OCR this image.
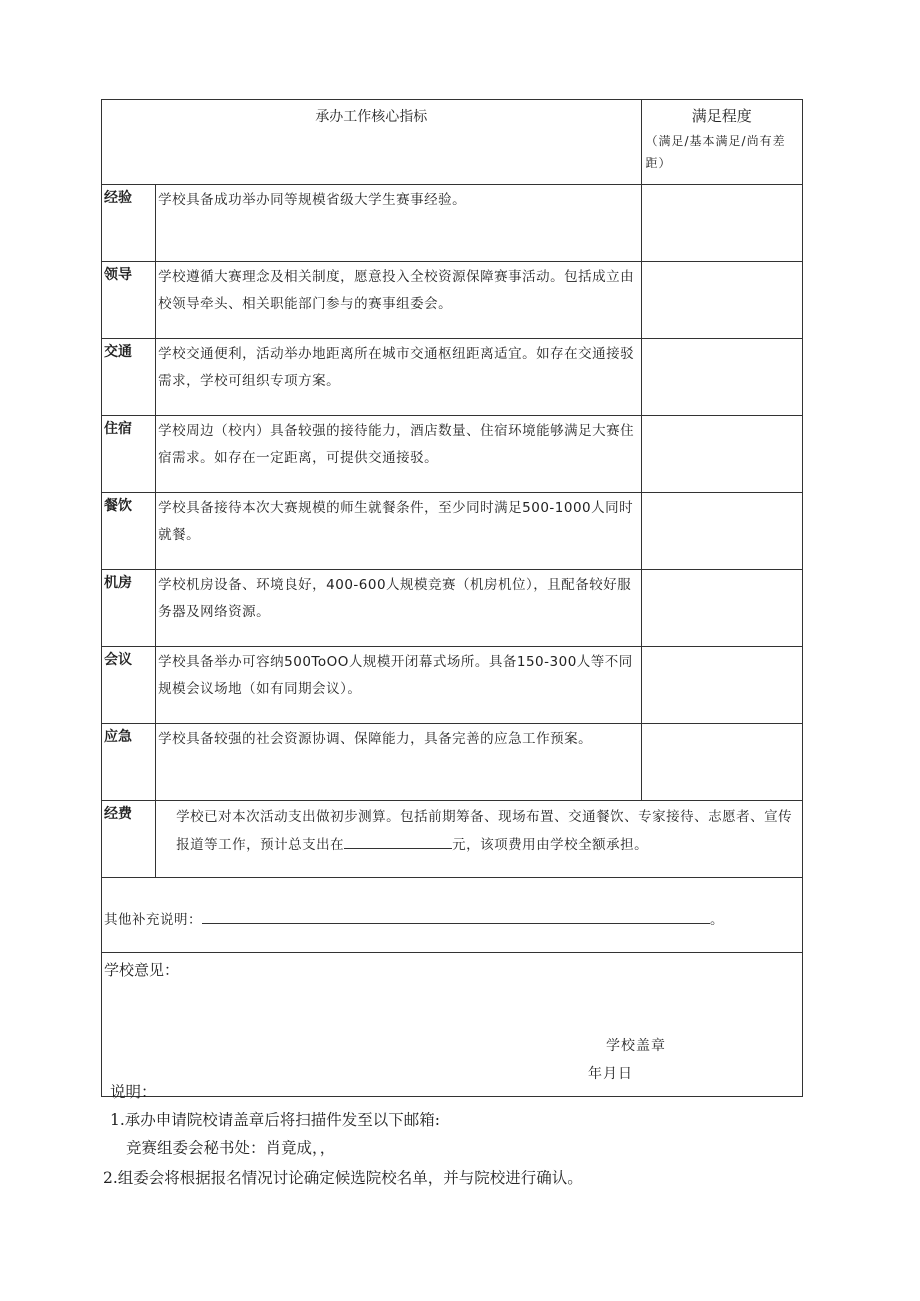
承办工作核心指标		满足程度
（满足/基本满足/尚有差距）

经验	学校具备成功举办同等规模省级大学生赛事经验。	
领导	学校遵循大赛理念及相关制度，愿意投入全校资源保障赛事活动。包括成立由校领导牵头、相关职能部门参与的赛事组委会。	
交通	学校交通便利，活动举办地距离所在城市交通枢纽距离适宜。如存在交通接驳需求，学校可组织专项方案。	
住宿	学校周边（校内）具备较强的接待能力，酒店数量、住宿环境能够满足大赛住宿需求。如存在一定距离，可提供交通接驳。	
餐饮	学校具备接待本次大赛规模的师生就餐条件，至少同时满足500-1000人同时就餐。	
机房	学校机房设备、环境良好，400-600人规模竞赛（机房机位），且配备较好服务器及网络资源。	
会议	学校具备举办可容纳500ToOO人规模开闭幕式场所。具备150-300人等不同规模会议场地（如有同期会议）。	
应急	学校具备较强的社会资源协调、保障能力，具备完善的应急工作预案。	
经费	学校已对本次活动支出做初步测算。包括前期筹备、现场布置、交通餐饮、专家接待、志愿者、宣传报道等工作，预计总支出在 元，该项费用由学校全额承担。	

其他补充说明： 。		

学校意见：
学校盖章
年月日		
说明：
1.承办申请院校请盖章后将扫描件发至以下邮箱:
竞赛组委会秘书处：肖竟成，，
2.组委会将根据报名情况讨论确定候选院校名单，并与院校进行确认。
